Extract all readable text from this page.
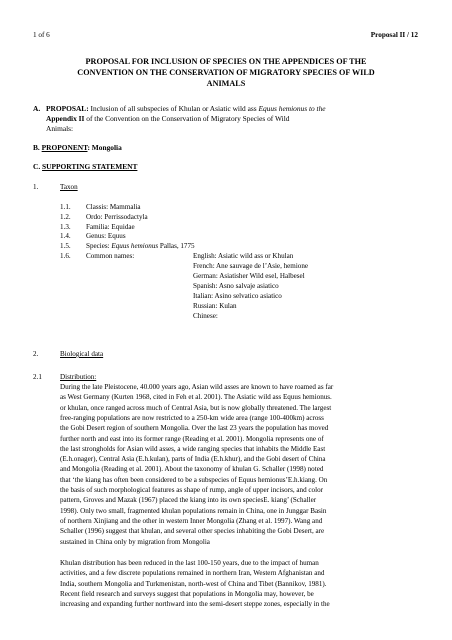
1 of 6	Proposal II / 12
PROPOSAL FOR INCLUSION OF SPECIES ON THE APPENDICES OF THE
CONVENTION ON THE CONSERVATION OF MIGRATORY SPECIES OF WILD
ANIMALS
A. PROPOSAL: Inclusion of all subspecies of Khulan or Asiatic wild ass Equus hemionus to the
Appendix II of the Convention on the Conservation of Migratory Species of Wild
Animals:
B. PROPONENT: Mongolia
C. SUPPORTING STATEMENT
1.	Taxon
1.1. Classis: Mammalia
1.2. Ordo: Perrissodactyla
1.3. Familia: Equidae
1.4. Genus: Equus
1.5. Species: Equus hemionus Pallas, 1775
1.6. Common names:	English: Asiatic wild ass or Khulan
French: Ane sauvage de l’Asie, hemione
German: Asiatisher Wild esel, Halbesel
Spanish: Asno salvaje asiatico
Italian: Asino selvatico asiatico
Russian: Kulan
Chinese:
2.	Biological data
2.1	Distribution:
During the late Pleistocene, 40.000 years ago, Asian wild asses are known to have roamed as far
as West Germany (Kurten 1968, cited in Feh et al. 2001). The Asiatic wild ass Equus hemionus.
or khulan, once ranged across much of Central Asia, but is now globally threatened. The largest
free-ranging populations are now restricted to a 250-km wide area (range 100-400km) across
the Gobi Desert region of southern Mongolia. Over the last 23 years the population has moved
further north and east into its former range (Reading et al. 2001). Mongolia represents one of
the last strongholds for Asian wild asses, a wide ranging species that inhabits the Middle East
(E.h.onager), Central Asia (E.h.kulan), parts of India (E.h.khur), and the Gobi desert of China
and Mongolia (Reading et al. 2001). About the taxonomy of khulan G. Schaller (1998) noted
that ‘the kiang has often been considered to be a subspecies of Equus hemionus’E.h.kiang. On
the basis of such morphological features as shape of rump, angle of upper incisors, and color
pattern, Groves and Mazak (1967) placed the kiang into its own speciesE. kiang’ (Schaller
1998). Only two small, fragmented khulan populations remain in China, one in Junggar Basin
of northern Xinjiang and the other in western Inner Mongolia (Zhang et al. 1997). Wang and
Schaller (1996) suggest that khulan, and several other species inhabiting the Gobi Desert, are
sustained in China only by migration from Mongolia
Khulan distribution has been reduced in the last 100-150 years, due to the impact of human
activities, and a few discrete populations remained in northern Iran, Western Afghanistan and
India, southern Mongolia and Turkmenistan, north-west of China and Tibet (Bannikov, 1981).
Recent field research and surveys suggest that populations in Mongolia may, however, be
increasing and expanding further northward into the semi-desert steppe zones, especially in the
